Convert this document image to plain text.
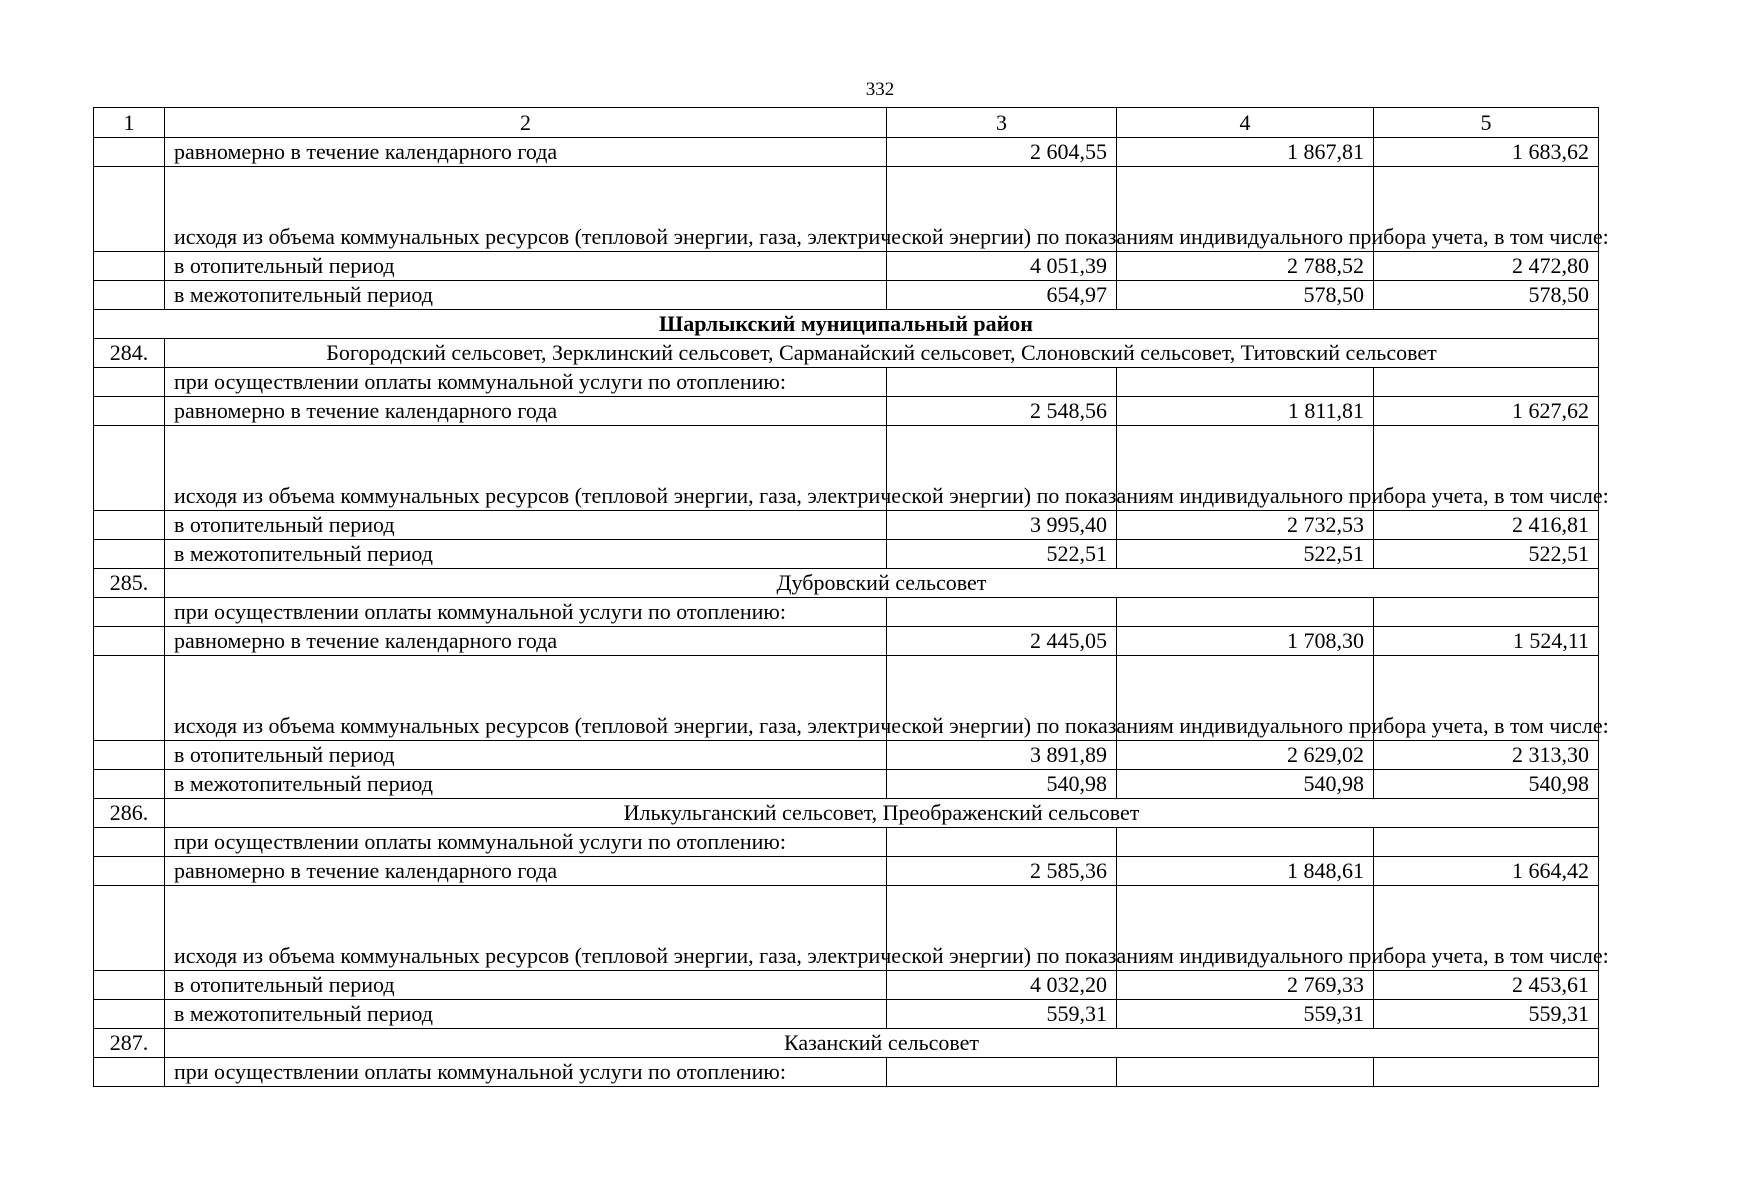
332
1	2	3	4	5
	равномерно в течение календарного года	2 604,55	1 867,81	1 683,62
	исходя из объема коммунальных ресурсов (тепловой энергии, газа, электрической энергии) по показаниям индивидуального прибора учета, в том числе:			
	в отопительный период	4 051,39	2 788,52	2 472,80
	в межотопительный период	654,97	578,50	578,50
Шарлыкский муниципальный район				
284.	Богородский сельсовет, Зерклинский сельсовет, Сарманайский сельсовет, Слоновский сельсовет, Титовский сельсовет			
	при осуществлении оплаты коммунальной услуги по отоплению:			
	равномерно в течение календарного года	2 548,56	1 811,81	1 627,62
	исходя из объема коммунальных ресурсов (тепловой энергии, газа, электрической энергии) по показаниям индивидуального прибора учета, в том числе:			
	в отопительный период	3 995,40	2 732,53	2 416,81
	в межотопительный период	522,51	522,51	522,51
285.	Дубровский сельсовет			
	при осуществлении оплаты коммунальной услуги по отоплению:			
	равномерно в течение календарного года	2 445,05	1 708,30	1 524,11
	исходя из объема коммунальных ресурсов (тепловой энергии, газа, электрической энергии) по показаниям индивидуального прибора учета, в том числе:			
	в отопительный период	3 891,89	2 629,02	2 313,30
	в межотопительный период	540,98	540,98	540,98
286.	Илькульганский сельсовет, Преображенский сельсовет			
	при осуществлении оплаты коммунальной услуги по отоплению:			
	равномерно в течение календарного года	2 585,36	1 848,61	1 664,42
	исходя из объема коммунальных ресурсов (тепловой энергии, газа, электрической энергии) по показаниям индивидуального прибора учета, в том числе:			
	в отопительный период	4 032,20	2 769,33	2 453,61
	в межотопительный период	559,31	559,31	559,31
287.	Казанский сельсовет			
	при осуществлении оплаты коммунальной услуги по отоплению:			
